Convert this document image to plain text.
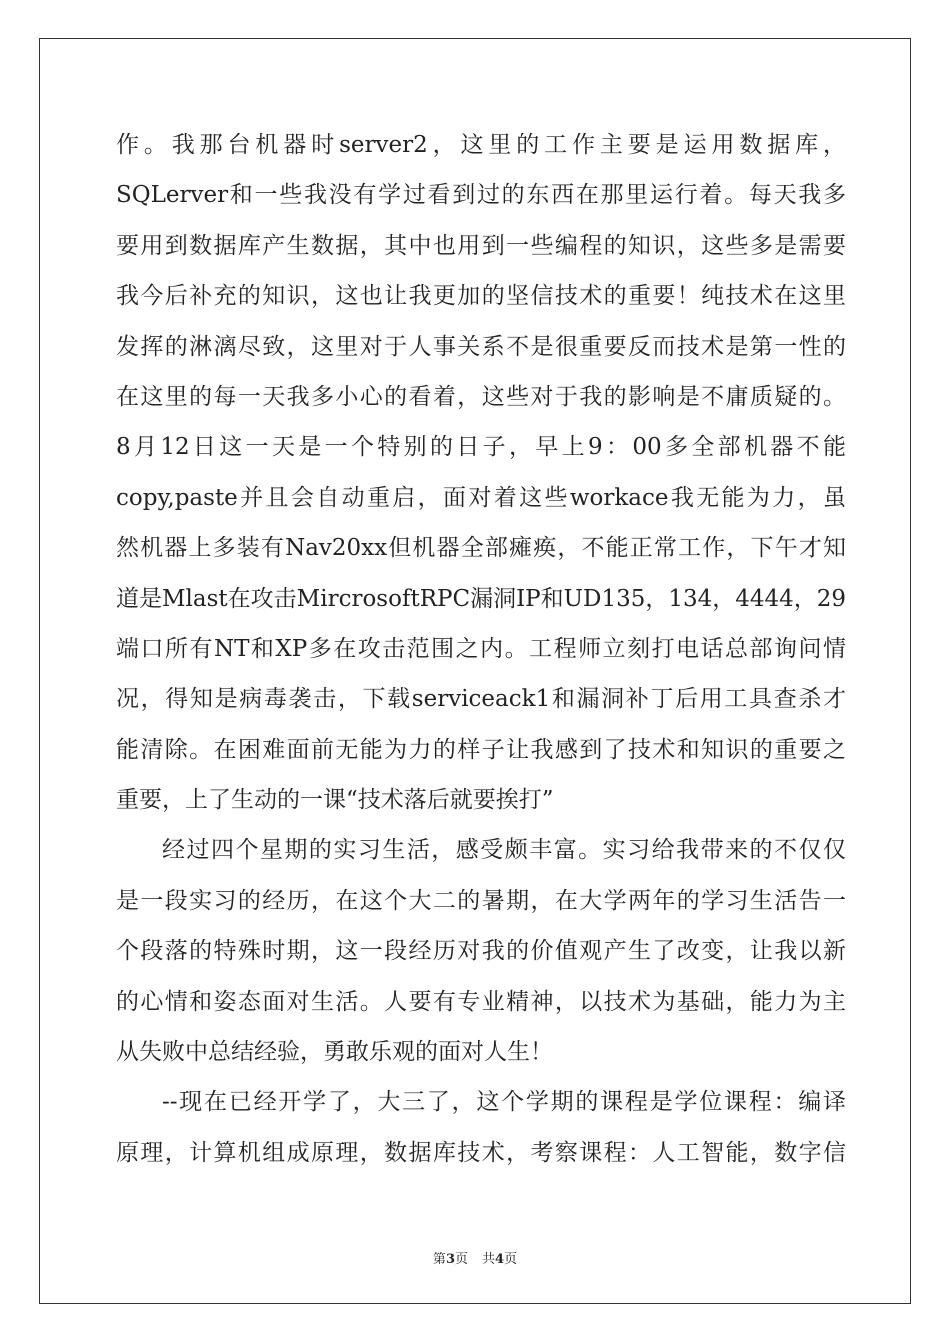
作。我那台机器时server2，这里的工作主要是运用数据库，
SQLerver和一些我没有学过看到过的东西在那里运行着。每天我多
要用到数据库产生数据，其中也用到一些编程的知识，这些多是需要
我今后补充的知识，这也让我更加的坚信技术的重要！纯技术在这里
发挥的淋漓尽致，这里对于人事关系不是很重要反而技术是第一性的
在这里的每一天我多小心的看着，这些对于我的影响是不庸质疑的。
8月12日这一天是一个特别的日子，早上9：00多全部机器不能
copy,paste并且会自动重启，面对着这些workace我无能为力，虽
然机器上多装有Nav20xx但机器全部瘫痪，不能正常工作，下午才知
道是Mlast在攻击MircrosoftRPC漏洞IP和UD135，134，4444，29
端口所有NT和XP多在攻击范围之内。工程师立刻打电话总部询问情
况，得知是病毒袭击，下载serviceack1和漏洞补丁后用工具查杀才
能清除。在困难面前无能为力的样子让我感到了技术和知识的重要之
重要，上了生动的一课“技术落后就要挨打”
经过四个星期的实习生活，感受颇丰富。实习给我带来的不仅仅
是一段实习的经历，在这个大二的暑期，在大学两年的学习生活告一
个段落的特殊时期，这一段经历对我的价值观产生了改变，让我以新
的心情和姿态面对生活。人要有专业精神，以技术为基础，能力为主
从失败中总结经验，勇敢乐观的面对人生！
--现在已经开学了，大三了，这个学期的课程是学位课程：编译
原理，计算机组成原理，数据库技术，考察课程：人工智能，数字信
第3页 共4页
